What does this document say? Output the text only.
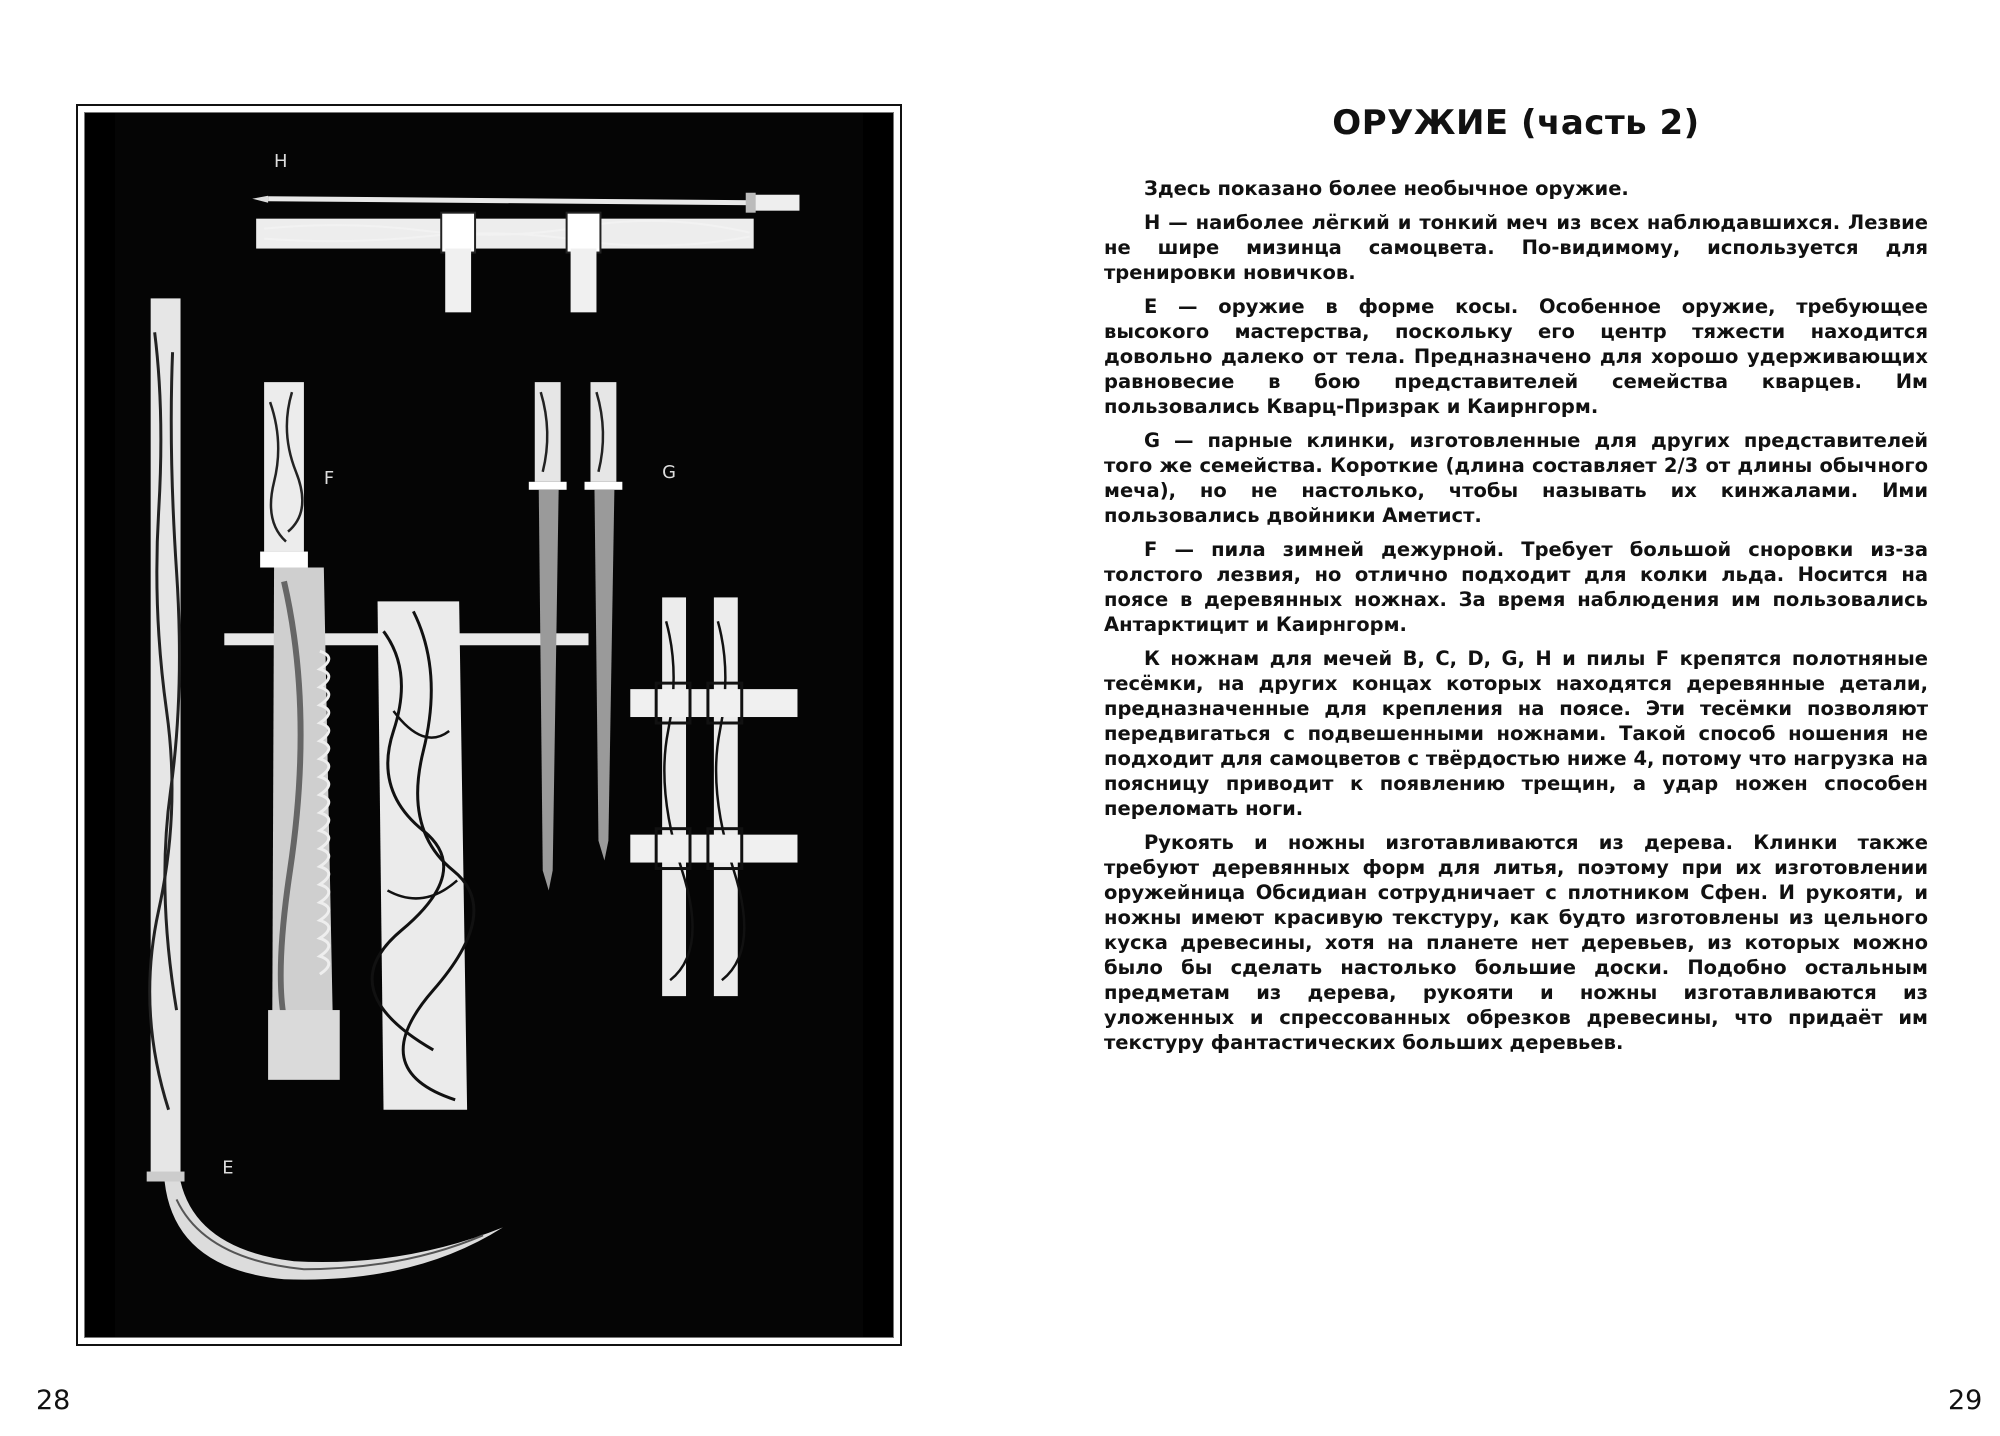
H
F	G
E
28
ОРУЖИЕ (часть 2)

Здесь показано более необычное оружие.

H — наиболее лёгкий и тонкий меч из всех наблюдавшихся. Лезвие не шире мизинца самоцвета. По-видимому, используется для тренировки новичков.

E — оружие в форме косы. Особенное оружие, требующее высокого мастерства, поскольку его центр тяжести находится довольно далеко от тела. Предназначено для хорошо удерживающих равновесие в бою представителей семейства кварцев. Им пользовались Кварц-Призрак и Каирнгорм.

G — парные клинки, изготовленные для других представителей того же семейства. Короткие (длина составляет 2/3 от длины обычного меча), но не настолько, чтобы называть их кинжалами. Ими пользовались двойники Аметист.

F — пила зимней дежурной. Требует большой сноровки из-за толстого лезвия, но отлично подходит для колки льда. Носится на поясе в деревянных ножнах. За время наблюдения им пользовались Антарктицит и Каирнгорм.

К ножнам для мечей B, C, D, G, H и пилы F крепятся полотняные тесёмки, на других концах которых находятся деревянные детали, предназначенные для крепления на поясе. Эти тесёмки позволяют передвигаться с подвешенными ножнами. Такой способ ношения не подходит для самоцветов с твёрдостью ниже 4, потому что нагрузка на поясницу приводит к появлению трещин, а удар ножен способен переломать ноги.

Рукоять и ножны изготавливаются из дерева. Клинки также требуют деревянных форм для литья, поэтому при их изготовлении оружейница Обсидиан сотрудничает с плотником Сфен. И рукояти, и ножны имеют красивую текстуру, как будто изготовлены из цельного куска древесины, хотя на планете нет деревьев, из которых можно было бы сделать настолько большие доски. Подобно остальным предметам из дерева, рукояти и ножны изготавливаются из уложенных и спрессованных обрезков древесины, что придаёт им текстуру фантастических больших деревьев.

29
